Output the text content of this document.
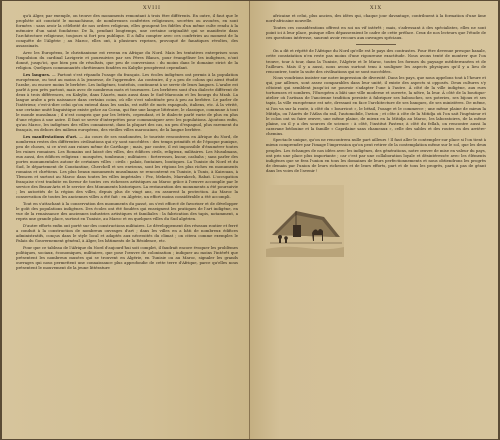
XVIII

qu'à Alger, par exemple, on trouve des monuments remontant à trois être différents. En outre, il faut que le prophète ait constaté le monachisme, de nombreuses confréries religieuses, secrètes ou avouées, en sont formées : sans avoir la célébrité de nos ordres religieux, elles groupent les fidèles d'un même culte rendu à la mémoire d'un saint fondateur. De là, pendant longtemps, une certaine originalité qui se manifeste dans l'architecture religieuse, toujours si fort peu publique. Il a fallu compter avec ces confréries au moment de la conquête de l'Algérie ; au Maroc, elles ont, à plusieurs reprises, provoqué de fanatiques révoltes, des assassinats.

Avec les Européens, le christianisme est revenu en Afrique du Nord. Mais les tentatives entreprises sous l'impulsion du cardinal Lavigerie et poursuivies par ses Pères Blancs, pour évangéliser les indigènes, n'ont donné, jusqu'ici, que bien peu de résultats, que peu de conversions : du moins dans le domaine strict de la religion. Quelques communautés chrétiennes fondées en Kabylie prospèrent cependant.

Les langues. — Partout s'est répandu l'usage du français. Les écoles indigènes ont permis à la population européenne, ou tout au moins à la jeunesse, de l'apprendre. Au contraire, il y a peu de colons qui aient étudié l'arabe, ou encore moins le berbère. Les Indigènes, toutefois, continuent à se servir de leurs langues. L'arabe est parlé à peu près partout, mais avec de nombreux mots et tournures. Les berbères sont d'un dialecte différent de deux à trois différences, en Kabylie, dans l'Aurès, mais aussi dans le Sud-Marocain et les bourgs du Mzab. La langue arabe a pris naissance dans certains coins, où elle s'est substituée peu à peu au berbère. Le parler de l'intérieur, c'est-à-dire celui qu'on entend dans les souks, est mêlé de mots espagnols, italiens, etc. À la vérité, une certaine unité linguistique existe grâce au Coran, qui fixe une langue littéraire, le classique, commune à tout le monde musulman ; il n'est compris que par les lettrés, cependant, et le dialecte parlé varie de plus en plus d'une région à une autre. Il faut se servir d'interprètes pour communiquer avec les populations. Ajoutons enfin, qu'au Maroc, les indigènes des villes connaissent, dans la plupart des cas, un peu d'espagnol, plus rarement du français, en dehors des milieux européens, des vieilles villes marocaines, de la langue berbère.

Les manifestations d'art. — Au cours de ses randonnées, le touriste rencontrera en Afrique du Nord, de nombreux restes des différentes civilisations qui s'y sont succédées : des temps primitifs et de l'époque punique, peu de choses, si ce n'est aux ruines même de Carthage ; mais, par contre, il est impossible d'énumérer toutes les ruines romaines. Les Romains ont laissé des villes, des édifices civils, religieux, militaires. Les Musulmans, eux aussi, des édifices religieux : mosquées, tombeaux ; militaires : forteresses, ksour, casbahs ; sans parler des portes monumentales autour de certaines villes : civils : palais, fontaines, boutiques. La Tunisie du Nord et du Sud, le département de Constantine, Cherchell et ses environs, sont les régions les plus riches en monuments romains et chrétiens. Les plus beaux monuments musulmans se rencontrent en Tunisie, à Tunis, à Kairouan, à Tlemcen et surtout au Maroc dans toutes les villes impériales : Fez, Meknès, Marrakech, Rabat. L'occupation française s'est traduite en faveur de toutes ces richesses artistiques au Maroc grâce à l'œuvre accomplie par le service des Beaux-Arts et le service des Monuments historiques. La restauration des monuments a été poursuivie ; les autorités de la région des villes, depuis plus de vingt ans, en assurent la protection. Au Maroc la conservation de toutes les anciennes villes a été fait : en Algérie, un effort moins considérable a été accompli.

Tout en s'attachant à la conservation des monuments du passé, on s'est efforcé de favoriser et de développer le goût des populations indigènes. Des écoles ont été fondées qui enseignent les pratiques de l'art indigène, en vue de la renaissance des anciennes industries artistiques et familiales : la fabrication des tapis, notamment, a repris une grande place, surtout en Tunisie, au Maroc et en quelques villes du Sud algérien.

D'autre efforts enfin ont porté sur des constructions militaires. Le développement des réseaux routier et ferré a conduit à la construction de nombreux ouvrages d'art ; dans les villes en a bâti de nombreux édifices administratifs, conçus dans le style local et adaptés aux nécessités du climat ; on citera comme exemples le Palais du Gouvernement général, à Alger, les bâtiments de la Résidence, etc.

Pour que ce tableau de l'Afrique du Nord d'aujourd'hui soit complet, il faudrait encore évoquer les problèmes politiques, sociaux, économiques, militaires, que pose l'œuvre de colonisation ; indiquer au moins l'intérêt que présentent les nombreux musées qui se trouvent en Algérie, en Tunisie ou au Maroc, signaler les grands ouvrages qui nous permettent une connaissance plus approfondie de cette terre d'Afrique, parce qu'elles nous présentent le mouvement de la jeune littérature

XIX

africaine et celui, plus ancien, des idées qui, chaque jour davantage, contribuent à la formation d'une âme nord-africaine nouvelle.

Toutes ces considérations offrent en soi un vif intérêt ; mais, s'adressant à des spécialistes, elles ne sont point ici à leur place, puisque elles dépasseraient le cadre de cette préface. Ceux de nos lecteurs que l'étude de ces questions intéresse, sauront avoir recours aux ouvrages spéciaux.

On a dit et répété de l'Afrique du Nord qu'elle est le pays des contrastes. Pour être devenue presque banale, cette constatation n'en reste pas moins d'une rigoureuse exactitude. Nous avons tenté de montrer que l'on trouve, tour à tour, dans la Tunisie, l'Algérie et le Maroc, toutes les formes du paysage méditerranéen et de l'ailleurs. Mais il y a aussi, nous avons surtout tenu à souligner les aspects physiques qu'il y a lieu de rencontrer, toute la suite des civilisations qui se sont succédées.

Nous voudrions insister sur notre impression de diversité. Dans les pays, que nous appelons tout à l'heure et qui, par ailleurs, sont assez comparables dans leur unité, il existe des aspects si opposés. Deux cultures s'y côtoient qui semblent jusqu'ici ne pouvoir s'adapter l'une à l'autre. À côté de la ville indigène, aux rues tortueuses et sombres, l'Européen a bâti une ville moderne et ouverte, la nôtre, la leur. À côté de la boutique-atelier où l'artisan de l'ancienne tradition persiste à fabriquer ses babouches, ses poteries, ses bijoux et ses tapis, la ville européenne est née, dressant en face l'architecture de ses banques, de ses ministères. De même, si l'on va sur la route, à côté du « bourricot », le bétail, l'usage et le commerce ; une même plaine de mieux la Mitidja, ou l'Aurès de l'Atlas du rail, l'automobile, l'avion ; et côte à côte de la Mitidja où l'on sait l'ingénieur et le colon ont su faire œuvre, une même plaine, de mieux en la Mitidja au Maroc, les laboratoires, de la même plaine, ou il y a des sources de science : à côté, l'institut Pasteur, à côté du fellah, on rencontre aussi la caravane bédouine et la famille « Caprilaine sans chameaux », celle des sables et des routes en des arrière-chemins.

Spectacle unique, qu'on ne rencontrera nulle part ailleurs ! Il faut aller le contempler sur place si l'on tient à mieux comprendre par l'image l'impression qu'on peut retirer de la contemplation même sur le sol, que les deux peuples. Les échanges de nos idées avec les indigènes, des générations, notre œuvre de mise en valeur du pays, ont pris une place plus importante ; car c'est par une collaboration loyale et désintéressée avec les éléments indigènes que se fera l'union en tous les domaines de leurs perfectionnements et nous obtiendrons les progrès de demain par l'union de leurs richesses et de leurs efforts, part et de tous les progrès, parti à pas de géant dans les voies de l'avenir !
